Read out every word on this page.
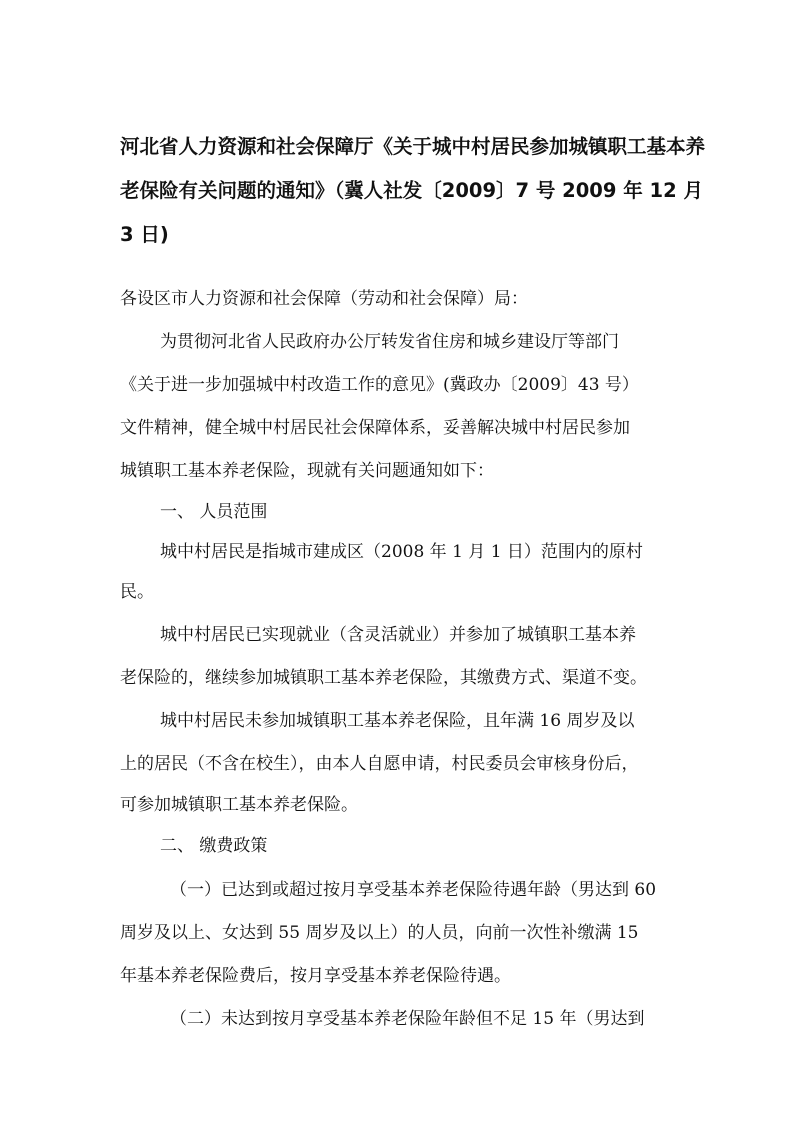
河北省人力资源和社会保障厅《关于城中村居民参加城镇职工基本养
老保险有关问题的通知》（冀人社发〔2009〕7 号 2009 年 12 月
3 日)
各设区市人力资源和社会保障（劳动和社会保障）局：
为贯彻河北省人民政府办公厅转发省住房和城乡建设厅等部门
《关于进一步加强城中村改造工作的意见》(冀政办〔2009〕43 号）
文件精神，健全城中村居民社会保障体系，妥善解决城中村居民参加
城镇职工基本养老保险，现就有关问题通知如下：
一、 人员范围
城中村居民是指城市建成区（2008 年 1 月 1 日）范围内的原村
民。
城中村居民已实现就业（含灵活就业）并参加了城镇职工基本养
老保险的，继续参加城镇职工基本养老保险，其缴费方式、渠道不变。
城中村居民未参加城镇职工基本养老保险，且年满 16 周岁及以
上的居民（不含在校生），由本人自愿申请，村民委员会审核身份后，
可参加城镇职工基本养老保险。
二、 缴费政策
（一）已达到或超过按月享受基本养老保险待遇年龄（男达到 60
周岁及以上、女达到 55 周岁及以上）的人员，向前一次性补缴满 15
年基本养老保险费后，按月享受基本养老保险待遇。
（二）未达到按月享受基本养老保险年龄但不足 15 年（男达到
